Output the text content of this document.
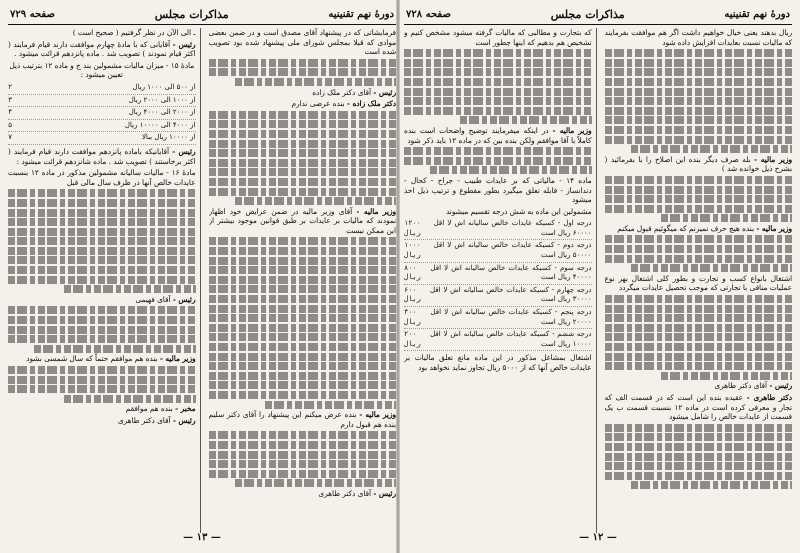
دورهٔ نهم تقنینیه
مذاکرات مجلس
صفحه ۷۲۹

فرمایشاتی که در پیشنهاد آقای مصدق است و در ضمن بعضی موادی که قبلا بمجلس شورای ملی پیشنهاد شده بود تصویب شده است

رئیس - آقای دکتر ملک زاده

دکتر ملک زاده - بنده عرضی ندارم

وزیر مالیه - آقای وزیر مالیه در ضمن عرایض خود اظهار نمودند که مالیات بر عایدات بر طبق قوانین موجود بیشتر از این ممکن نیست

وزیر مالیه - بنده عرض میکنم این پیشنهاد را آقای دکتر سلیم بنده هم قبول دارم

رئیس - آقای دکتر طاهری

ـ الی الآن در نظر گرفتیم ( صحیح است )

رئیس - آقایانی که با مادهٔ چهارم موافقت دارند قیام فرمایند ( اکثر قیام نمودند ) تصویب شد . ماده پانزدهم قرائت میشود .

مادهٔ ۱۵ - میزان مالیات مشمولین بند ج و ماده ۱۲ بترتیب ذیل تعیین میشود :

از ۵۰۰ الی ۱۰۰۰ ریال
۲
از ۱۰۰۰ الی ۲۰۰۰ ریال
۳
از ۲۰۰۰ الی ۴۰۰۰ ریال
۴
از ۴۰۰۰ الی ۱۰۰۰۰ ریال
۵
از ۱۰۰۰۰ ریال ببالا
۷

رئیس - آقایانیکه باماده پانزدهم موافقت دارند قیام فرمایند ( اکثر برخاستند ) تصویب شد . ماده شانزدهم قرائت میشود :

مادهٔ ۱۶ - مالیات سالیانه مشمولین مذکور در ماده ۱۲ بنسبت عایدات خالص آنها در ظرف سال مالی قبل

رئیس - آقای فهیمی

وزیر مالیه - بنده هم موافقم حتماً که سال شمسی بشود

مخبر - بنده هم موافقم

رئیس - آقای دکتر طاهری

— ۱۳ —
دورهٔ نهم تقنینیه
مذاکرات مجلس
صفحه ۷۲۸

ریال بدهند یعنی خیال خواهیم داشت اگر هم موافقت بفرمایند که مالیات نسبت بعایدات افزایش داده شود

وزیر مالیه - بله صرف دیگر بنده این اصلاح را با بفرمائید ( بشرح ذیل خوانده شد )

وزیر مالیه - بنده هیچ حرف نمیزنم که میگوئیم قبول میکنم

اشتغال بانواع کسب و تجارت و بطور کلی اشتغال بهر نوع عملیات منافی با تجارتی که موجب تحصیل عایدات میگردد

رئیس - آقای دکتر طاهری

دکتر طاهری - عقیده بنده این است که در قسمت الف که تجار و معرفی کرده است در ماده ۱۲ بنسبت قسمت ب یک قسمت از عایدات خالص را شامل میشود

که بتجارت و مطالبی که مالیات گرفته میشود مشخص کنیم و تشخیص هم بدهیم که اینها چطور است

وزیر مالیه - در اینکه میفرمایند توضیح واضحات است بنده کاملاً با آقا موافقم ولکن بنده بین که در ماده ۱۲ باید ذکر شود

ماده ۱۴ - مالیاتی که بر عایدات طبیب - جراح - کحال - دندانساز - قابله تعلق میگیرد بطور مقطوع و ترتیب ذیل اخذ میشود

مشمولین این ماده به شش درجه تقسیم میشوند

درجه اول - کسیکه عایدات خالص سالیانه اش لا اقل ۶۰۰۰۰ ریال است
۱۲۰۰ ریال
درجه دوم - کسیکه عایدات خالص سالیانه اش لا اقل ۵۰۰۰۰ ریال است
۱۰۰۰ ریال
درجه سوم - کسیکه عایدات خالص سالیانه اش لا اقل ۴۰۰۰۰ ریال است
۸۰۰ ریال
درجه چهارم - کسیکه عایدات خالص سالیانه اش لا اقل ۳۰۰۰۰ ریال است
۶۰۰ ریال
درجه پنجم - کسیکه عایدات خالص سالیانه اش لا اقل ۲۰۰۰۰ ریال است
۴۰۰ ریال
درجه ششم - کسیکه عایدات خالص سالیانه اش لا اقل ۱۰۰۰۰ ریال است
۲۰۰ ریال

اشتغال بمشاغل مذکور در این ماده مانع تعلق مالیات بر عایدات خالص آنها که از ۵۰۰۰ ریال تجاوز نماید نخواهد بود

— ۱۲ —
